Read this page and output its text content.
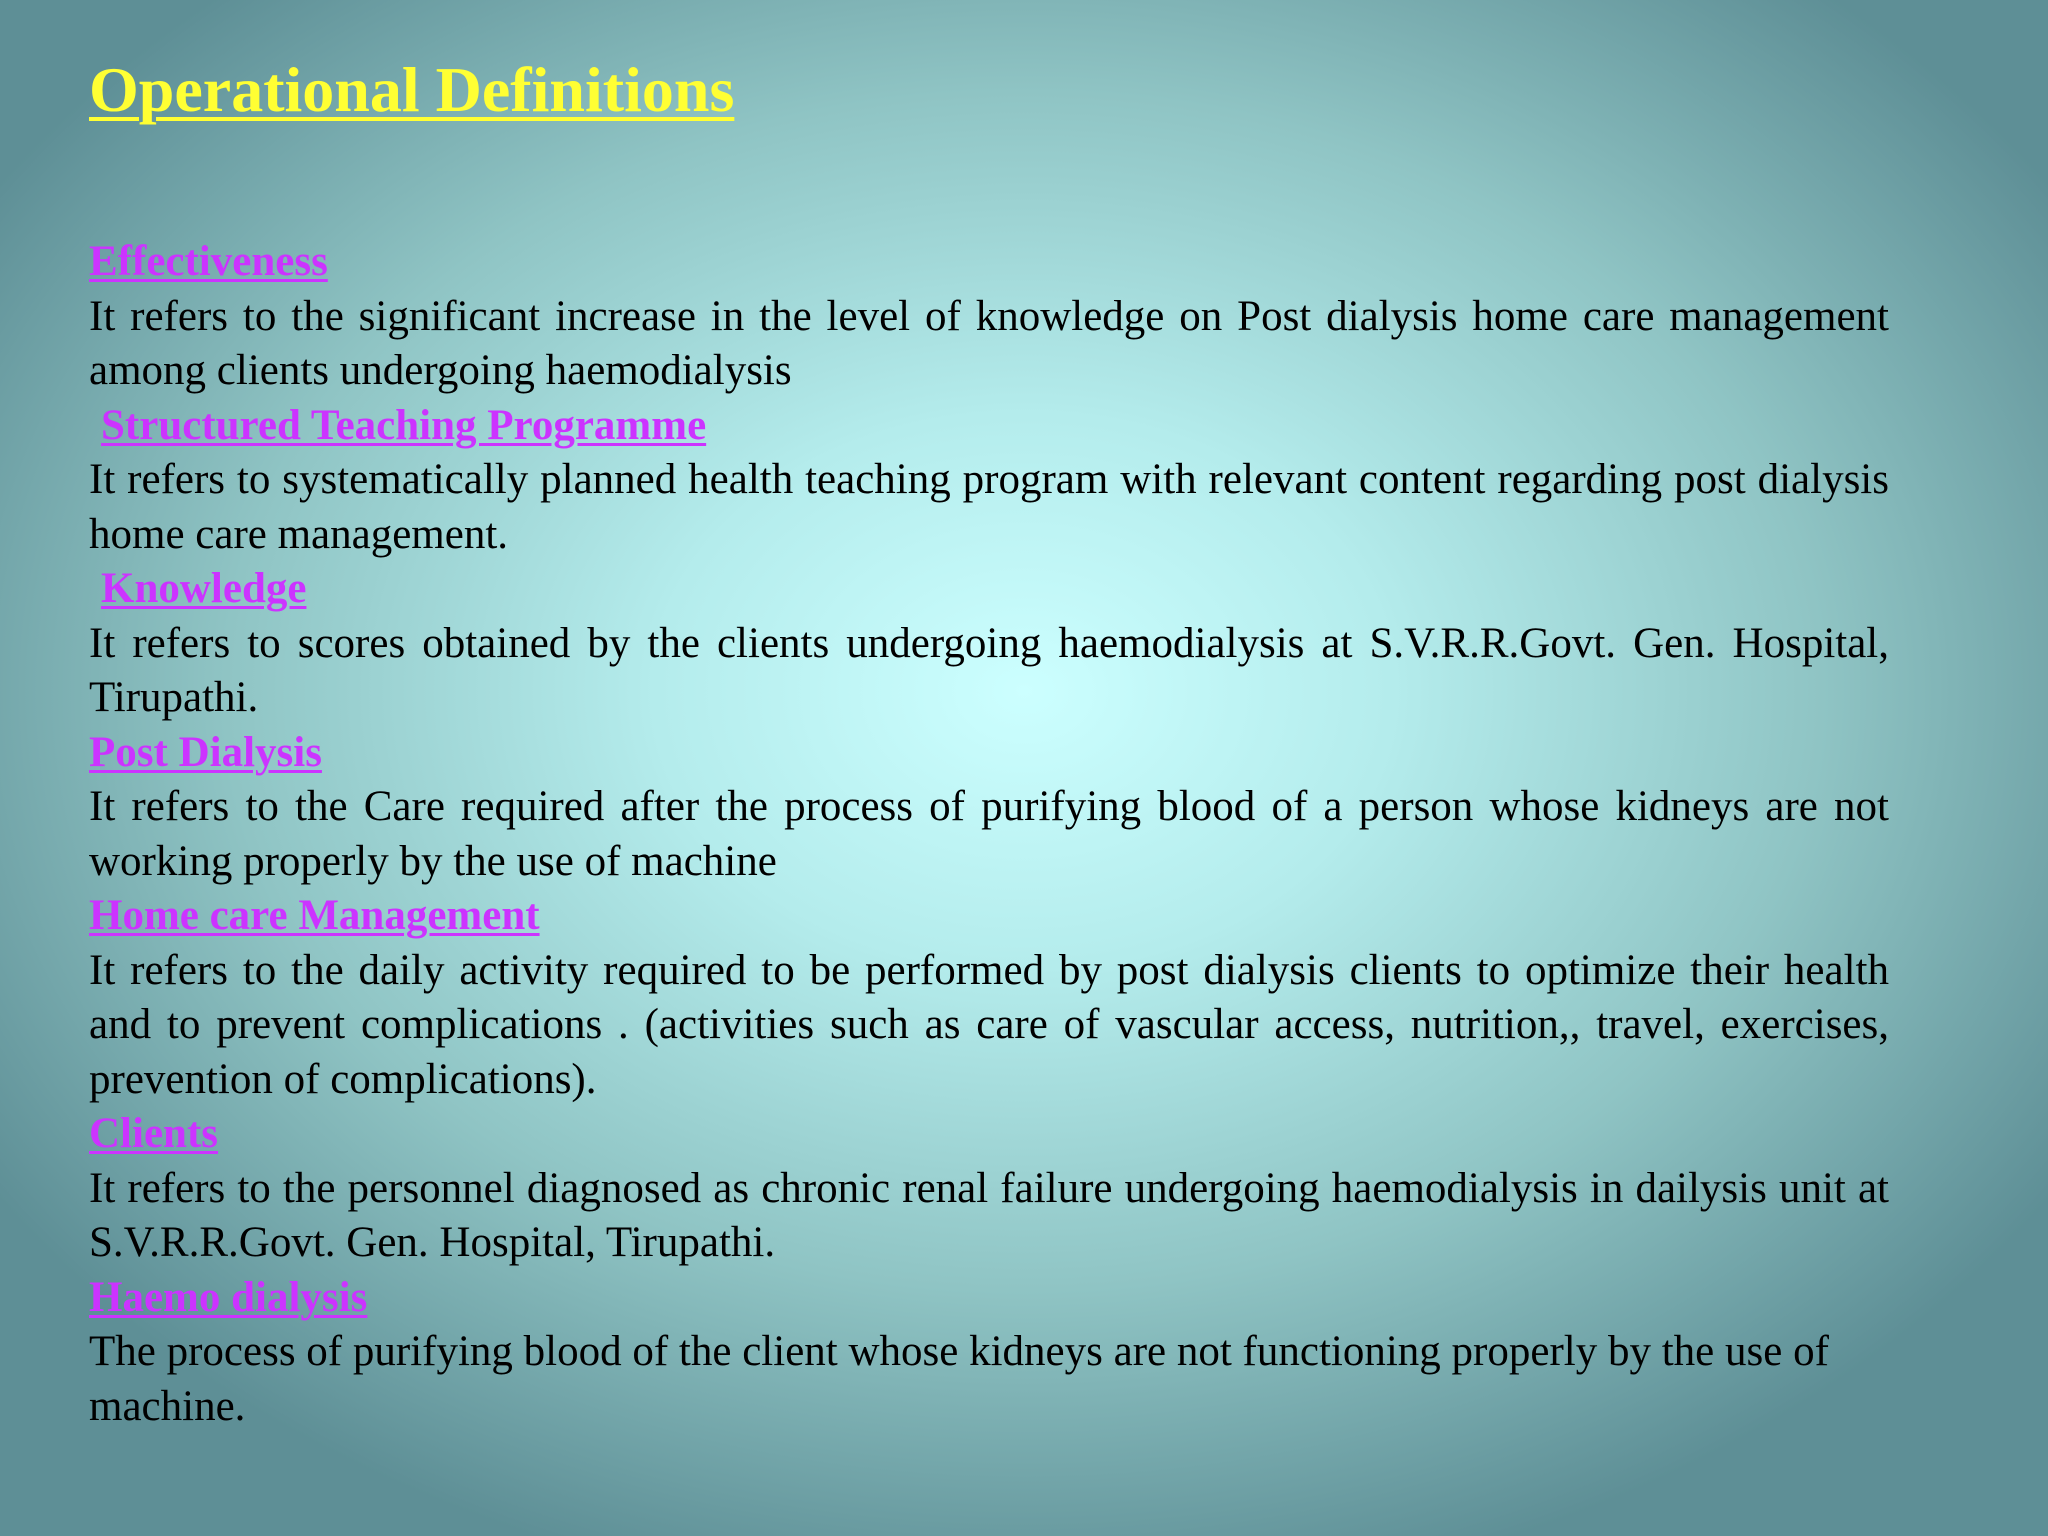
Operational Definitions
Effectiveness
It refers to the significant increase in the level of knowledge on Post dialysis home care management among clients undergoing haemodialysis
Structured Teaching Programme
It refers to systematically planned health teaching program with relevant content regarding post dialysis home care management.
Knowledge
It refers to scores obtained by the clients undergoing haemodialysis at S.V.R.R.Govt. Gen. Hospital, Tirupathi.
Post Dialysis
It refers to the Care required after the process of purifying blood of a person whose kidneys are not working properly by the use of machine
Home care Management
It refers to the daily activity required to be performed by post dialysis clients to optimize their health and to prevent complications . (activities such as care of vascular access, nutrition,, travel, exercises, prevention of complications).
Clients
It refers to the personnel diagnosed as chronic renal failure undergoing haemodialysis in dailysis unit at S.V.R.R.Govt. Gen. Hospital, Tirupathi.
Haemo dialysis
The process of purifying blood of the client whose kidneys are not functioning properly by the use of machine.
